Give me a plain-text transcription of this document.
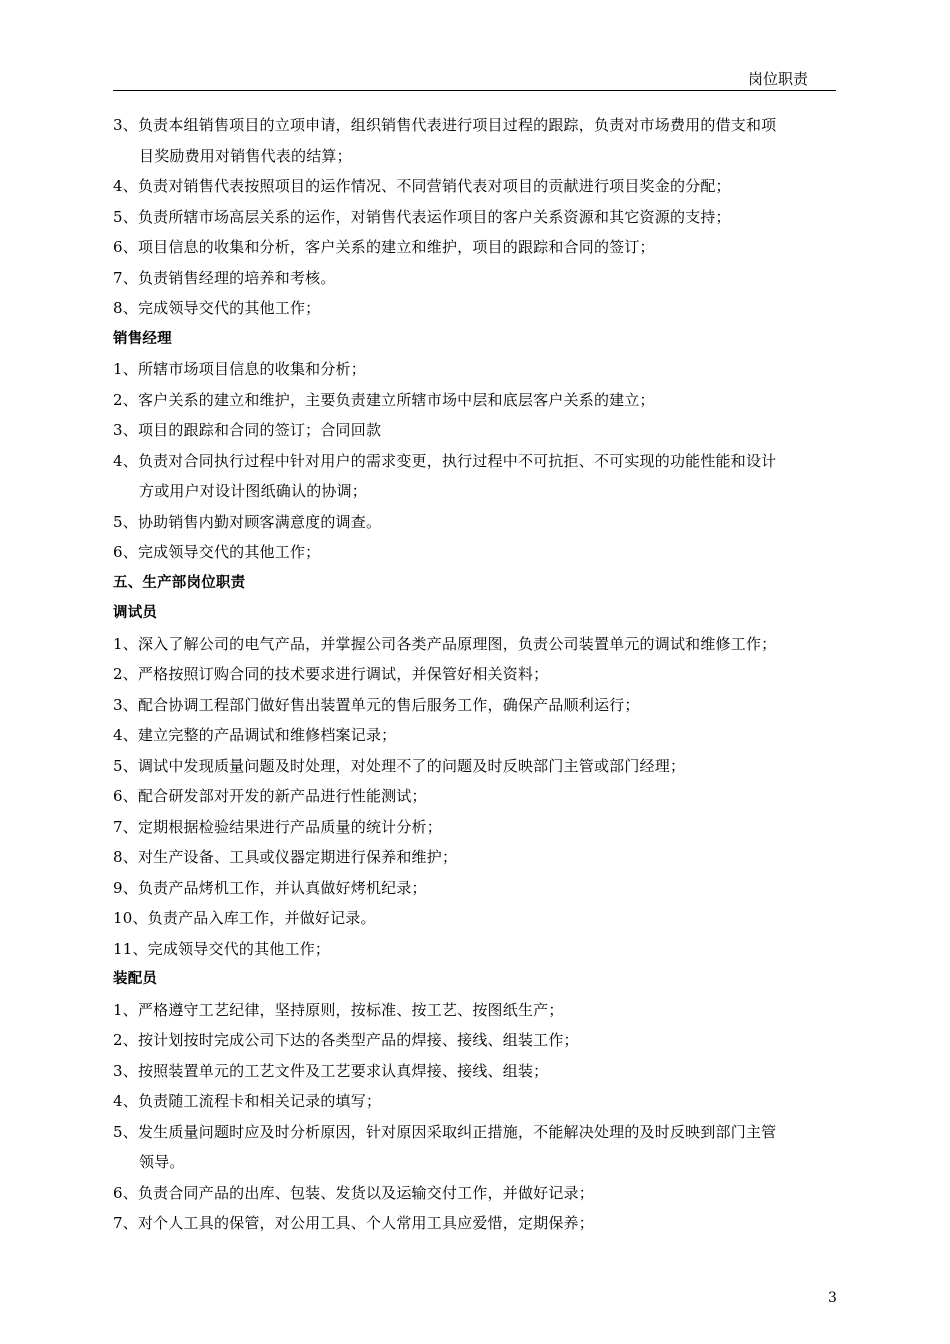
岗位职责
3、负责本组销售项目的立项申请，组织销售代表进行项目过程的跟踪，负责对市场费用的借支和项
目奖励费用对销售代表的结算；
4、负责对销售代表按照项目的运作情况、不同营销代表对项目的贡献进行项目奖金的分配；
5、负责所辖市场高层关系的运作，对销售代表运作项目的客户关系资源和其它资源的支持；
6、项目信息的收集和分析，客户关系的建立和维护，项目的跟踪和合同的签订；
7、负责销售经理的培养和考核。
8、完成领导交代的其他工作；
销售经理
1、所辖市场项目信息的收集和分析；
2、客户关系的建立和维护，主要负责建立所辖市场中层和底层客户关系的建立；
3、项目的跟踪和合同的签订；合同回款
4、负责对合同执行过程中针对用户的需求变更，执行过程中不可抗拒、不可实现的功能性能和设计
方或用户对设计图纸确认的协调；
5、协助销售内勤对顾客满意度的调查。
6、完成领导交代的其他工作；
五、生产部岗位职责
调试员
1、深入了解公司的电气产品，并掌握公司各类产品原理图，负责公司装置单元的调试和维修工作；
2、严格按照订购合同的技术要求进行调试，并保管好相关资料；
3、配合协调工程部门做好售出装置单元的售后服务工作，确保产品顺利运行；
4、建立完整的产品调试和维修档案记录；
5、调试中发现质量问题及时处理，对处理不了的问题及时反映部门主管或部门经理；
6、配合研发部对开发的新产品进行性能测试；
7、定期根据检验结果进行产品质量的统计分析；
8、对生产设备、工具或仪器定期进行保养和维护；
9、负责产品烤机工作，并认真做好烤机纪录；
10、负责产品入库工作，并做好记录。
11、完成领导交代的其他工作；
装配员
1、严格遵守工艺纪律，坚持原则，按标准、按工艺、按图纸生产；
2、按计划按时完成公司下达的各类型产品的焊接、接线、组装工作；
3、按照装置单元的工艺文件及工艺要求认真焊接、接线、组装；
4、负责随工流程卡和相关记录的填写；
5、发生质量问题时应及时分析原因，针对原因采取纠正措施，不能解决处理的及时反映到部门主管
领导。
6、负责合同产品的出库、包装、发货以及运输交付工作，并做好记录；
7、对个人工具的保管，对公用工具、个人常用工具应爱惜，定期保养；
3
